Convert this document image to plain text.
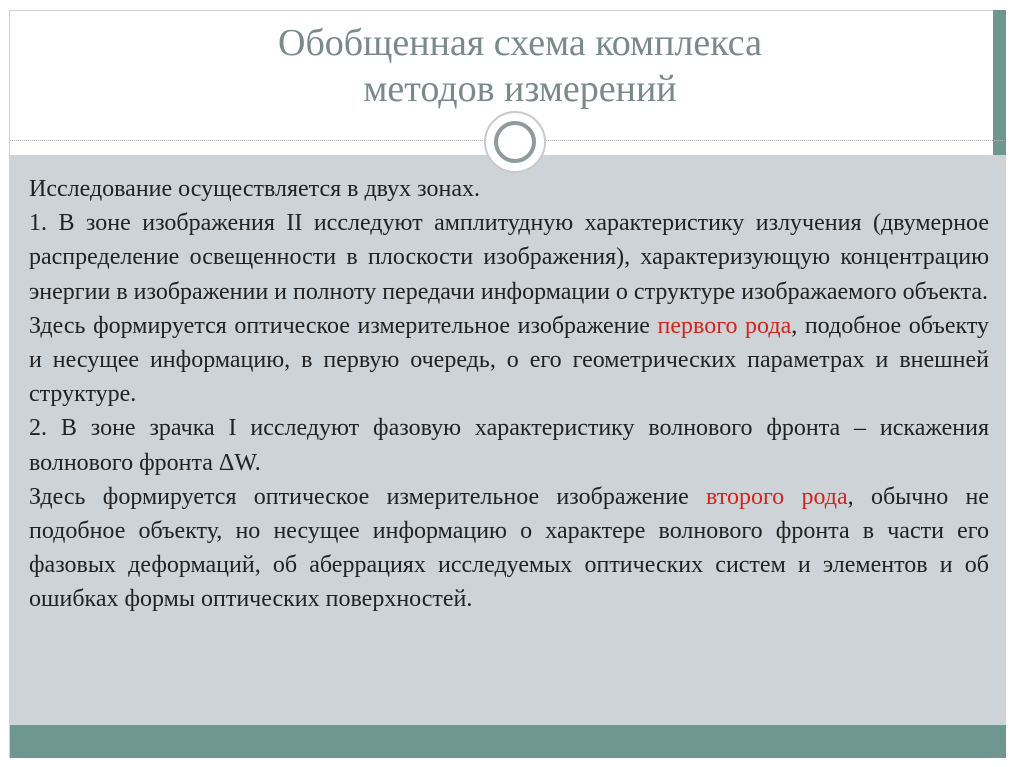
Обобщенная схема комплекса
методов измерений

Исследование осуществляется в двух зонах.

1. В зоне изображения II исследуют амплитудную характеристику излучения (двумерное распределение освещенности в плоскости изображения), характеризующую концентрацию энергии в изображении и полноту передачи информации о структуре изображаемого объекта.

Здесь формируется оптическое измерительное изображение первого рода, подобное объекту и несущее информацию, в первую очередь, о его геометрических параметрах и внешней структуре.

2. В зоне зрачка I исследуют фазовую характеристику волнового фронта – искажения волнового фронта ΔW.

Здесь формируется оптическое измерительное изображение второго рода, обычно не подобное объекту, но несущее информацию о характере волнового фронта в части его фазовых деформаций, об аберрациях исследуемых оптических систем и элементов и об ошибках формы оптических поверхностей.
